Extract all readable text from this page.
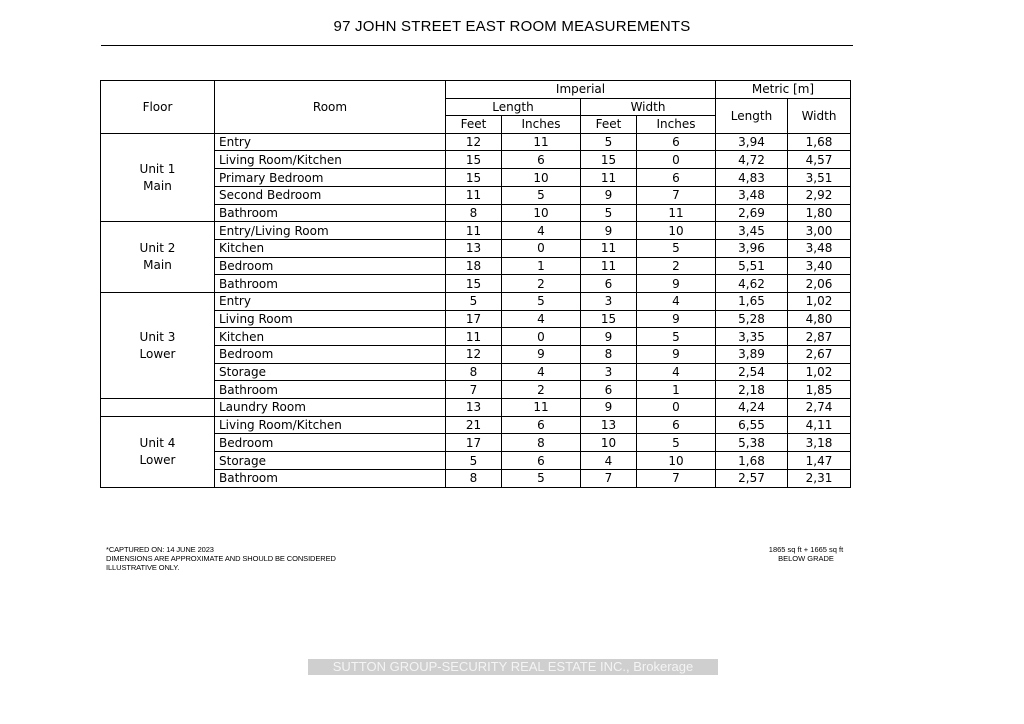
97 JOHN STREET EAST ROOM MEASUREMENTS
Floor	Room	Imperial				Metric [m]	
		Length		Width		Length	Width
		Feet	Inches	Feet	Inches		

Unit 1
Main	Entry	12	11	5	6	3,94	1,68
	Living Room/Kitchen	15	6	15	0	4,72	4,57
	Primary Bedroom	15	10	11	6	4,83	3,51
	Second Bedroom	11	5	9	7	3,48	2,92
	Bathroom	8	10	5	11	2,69	1,80

Unit 2
Main	Entry/Living Room	11	4	9	10	3,45	3,00
	Kitchen	13	0	11	5	3,96	3,48
	Bedroom	18	1	11	2	5,51	3,40
	Bathroom	15	2	6	9	4,62	2,06

Unit 3
Lower	Entry	5	5	3	4	1,65	1,02
	Living Room	17	4	15	9	5,28	4,80
	Kitchen	11	0	9	5	3,35	2,87
	Bedroom	12	9	8	9	3,89	2,67
	Storage	8	4	3	4	2,54	1,02
	Bathroom	7	2	6	1	2,18	1,85

	Laundry Room	13	11	9	0	4,24	2,74

Unit 4
Lower	Living Room/Kitchen	21	6	13	6	6,55	4,11
	Bedroom	17	8	10	5	5,38	3,18
	Storage	5	6	4	10	1,68	1,47
	Bathroom	8	5	7	7	2,57	2,31
*CAPTURED ON: 14 JUNE 2023
DIMENSIONS ARE APPROXIMATE AND SHOULD BE CONSIDERED
ILLUSTRATIVE ONLY.
1865 sq ft + 1665 sq ft
BELOW GRADE
SUTTON GROUP-SECURITY REAL ESTATE INC., Brokerage
